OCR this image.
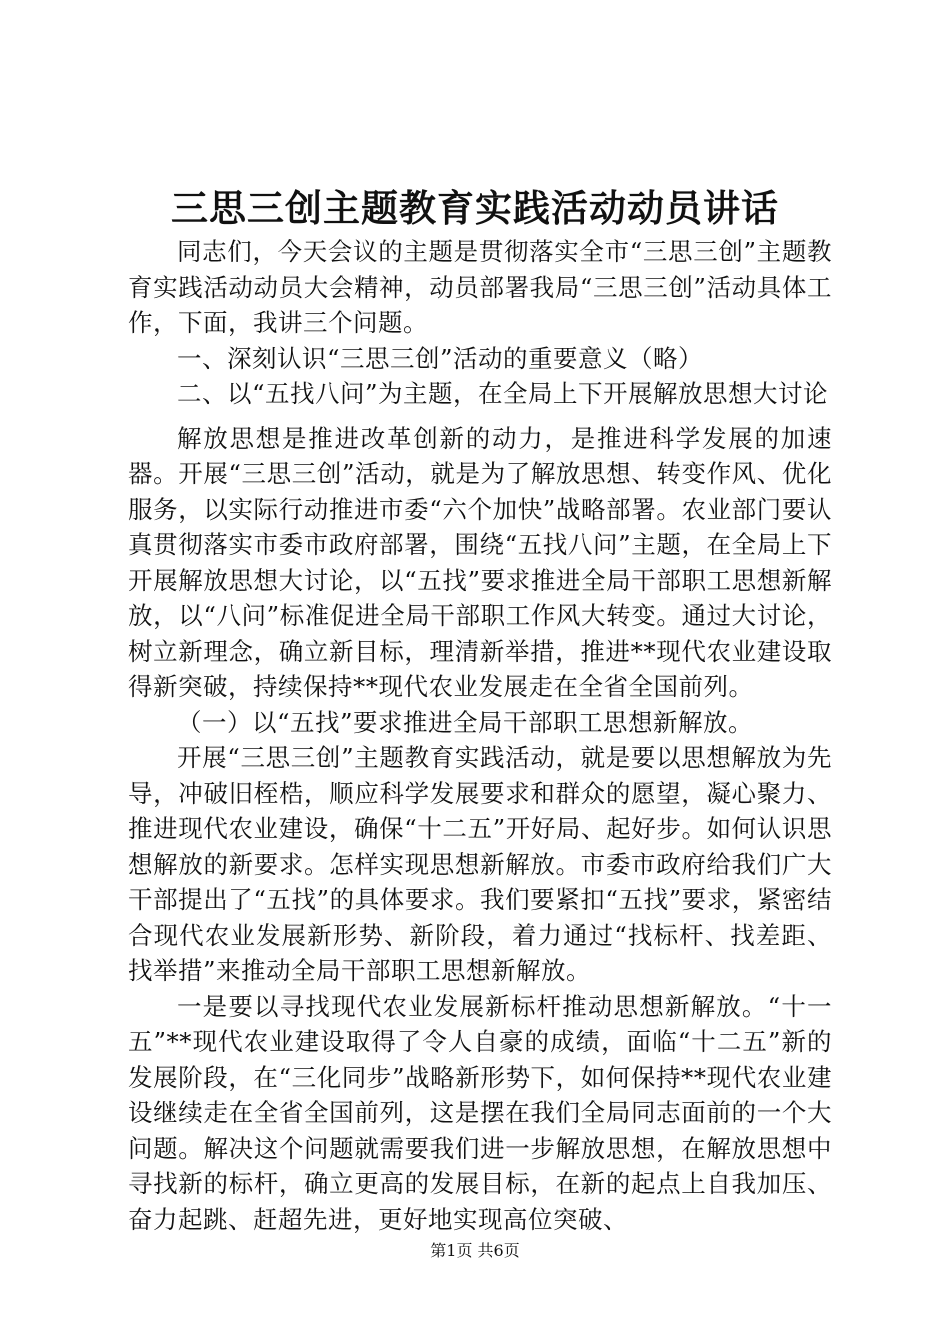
三思三创主题教育实践活动动员讲话

同志们，今天会议的主题是贯彻落实全市“三思三创”主题教育实践活动动员大会精神，动员部署我局“三思三创”活动具体工作，下面，我讲三个问题。

一、深刻认识“三思三创”活动的重要意义（略）

二、以“五找八问”为主题，在全局上下开展解放思想大讨论

解放思想是推进改革创新的动力，是推进科学发展的加速器。开展“三思三创”活动，就是为了解放思想、转变作风、优化服务，以实际行动推进市委“六个加快”战略部署。农业部门要认真贯彻落实市委市政府部署，围绕“五找八问”主题，在全局上下开展解放思想大讨论，以“五找”要求推进全局干部职工思想新解放，以“八问”标准促进全局干部职工作风大转变。通过大讨论，树立新理念，确立新目标，理清新举措，推进**现代农业建设取得新突破，持续保持**现代农业发展走在全省全国前列。

（一）以“五找”要求推进全局干部职工思想新解放。

开展“三思三创”主题教育实践活动，就是要以思想解放为先导，冲破旧桎梏，顺应科学发展要求和群众的愿望，凝心聚力、推进现代农业建设，确保“十二五”开好局、起好步。如何认识思想解放的新要求。怎样实现思想新解放。市委市政府给我们广大干部提出了“五找”的具体要求。我们要紧扣“五找”要求，紧密结合现代农业发展新形势、新阶段，着力通过“找标杆、找差距、找举措”来推动全局干部职工思想新解放。

一是要以寻找现代农业发展新标杆推动思想新解放。“十一五”**现代农业建设取得了令人自豪的成绩，面临“十二五”新的发展阶段，在“三化同步”战略新形势下，如何保持**现代农业建设继续走在全省全国前列，这是摆在我们全局同志面前的一个大问题。解决这个问题就需要我们进一步解放思想，在解放思想中寻找新的标杆，确立更高的发展目标，在新的起点上自我加压、奋力起跳、赶超先进，更好地实现高位突破、

第1页 共6页
